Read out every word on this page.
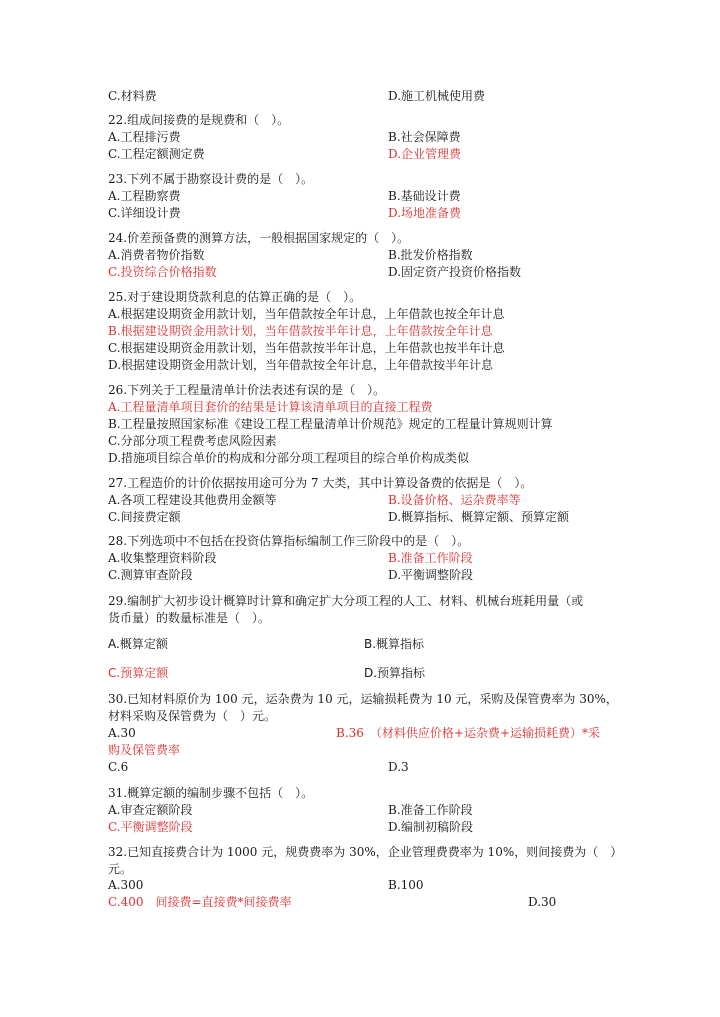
C.材料费	D.施工机械使用费
22.组成间接费的是规费和（　）。
A.工程排污费	B.社会保障费
C.工程定额测定费	D.企业管理费
23.下列不属于勘察设计费的是（　）。
A.工程勘察费	B.基础设计费
C.详细设计费	D.场地准备费
24.价差预备费的测算方法，一般根据国家规定的（　）。
A.消费者物价指数	B.批发价格指数
C.投资综合价格指数	D.固定资产投资价格指数
25.对于建设期贷款利息的估算正确的是（　）。
A.根据建设期资金用款计划，当年借款按全年计息，上年借款也按全年计息
B.根据建设期资金用款计划，当年借款按半年计息，上年借款按全年计息
C.根据建设期资金用款计划，当年借款按半年计息，上年借款也按半年计息
D.根据建设期资金用款计划，当年借款按全年计息，上年借款按半年计息
26.下列关于工程量清单计价法表述有误的是（　）。
A.工程量清单项目套价的结果是计算该清单项目的直接工程费
B.工程量按照国家标准《建设工程工程量清单计价规范》规定的工程量计算规则计算
C.分部分项工程费考虑风险因素
D.措施项目综合单价的构成和分部分项工程项目的综合单价构成类似
27.工程造价的计价依据按用途可分为 7 大类，其中计算设备费的依据是（　）。
A.各项工程建设其他费用金额等	B.设备价格、运杂费率等
C.间接费定额	D.概算指标、概算定额、预算定额
28.下列选项中不包括在投资估算指标编制工作三阶段中的是（　）。
A.收集整理资料阶段	B.准备工作阶段
C.测算审查阶段	D.平衡调整阶段
29.编制扩大初步设计概算时计算和确定扩大分项工程的人工、材料、机械台班耗用量（或
货币量）的数量标准是（　）。
A.概算定额	B.概算指标
C.预算定额	D.预算指标
30.已知材料原价为 100 元，运杂费为 10 元，运输损耗费为 10 元，采购及保管费率为 30%，
材料采购及保管费为（　）元。
A.30	B.36　（材料供应价格+运杂费+运输损耗费）*采
购及保管费率
C.6	D.3
31.概算定额的编制步骤不包括（　）。
A.审查定额阶段	B.准备工作阶段
C.平衡调整阶段	D.编制初稿阶段
32.已知直接费合计为 1000 元，规费费率为 30%，企业管理费费率为 10%，则间接费为（　）
元。
A.300	B.100
C.400　间接费=直接费*间接费率	D.30
